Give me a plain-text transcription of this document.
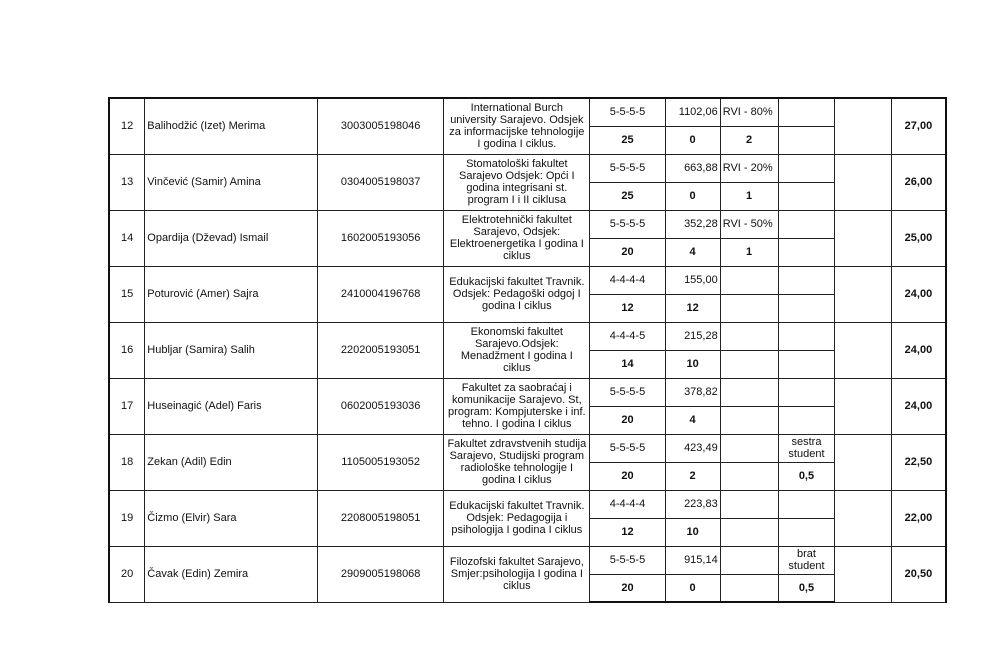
12	Balihodžić (Izet) Merima	3003005198046	International Burch university Sarajevo. Odsjek za informacijske tehnologije I godina I ciklus.	5-5-5-5	1102,06	RVI - 80%			27,00
				25	0	2			
13	Vinčević (Samir) Amina	0304005198037	Stomatološki fakultet Sarajevo Odsjek: Opći I godina integrisani st. program I i II ciklusa	5-5-5-5	663,88	RVI - 20%			26,00
				25	0	1			
14	Opardija (Dževad) Ismail	1602005193056	Elektrotehnički fakultet Sarajevo, Odsjek: Elektroenergetika I godina I ciklus	5-5-5-5	352,28	RVI - 50%			25,00
				20	4	1			
15	Poturović (Amer) Sajra	2410004196768	Edukacijski fakultet Travnik. Odsjek: Pedagoški odgoj I godina I ciklus	4-4-4-4	155,00				24,00
				12	12				
16	Hubljar (Samira) Salih	2202005193051	Ekonomski fakultet Sarajevo.Odsjek: Menadžment I godina I ciklus	4-4-4-5	215,28				24,00
				14	10				
17	Huseinagić (Adel) Faris	0602005193036	Fakultet za saobraćaj i komunikacije Sarajevo. St, program: Kompjuterske i inf. tehno. I godina I ciklus	5-5-5-5	378,82				24,00
				20	4				
18	Zekan (Adil) Edin	1105005193052	Fakultet zdravstvenih studija Sarajevo, Studijski program radiološke tehnologije I godina I ciklus	5-5-5-5	423,49		sestra student		22,50
				20	2		0,5		
19	Čizmo (Elvir) Sara	2208005198051	Edukacijski fakultet Travnik. Odsjek: Pedagogija i psihologija I godina I ciklus	4-4-4-4	223,83				22,00
				12	10				
20	Čavak (Edin) Zemira	2909005198068	Filozofski fakultet Sarajevo, Smjer:psihologija I godina I ciklus	5-5-5-5	915,14		brat student		20,50
				20	0		0,5		
